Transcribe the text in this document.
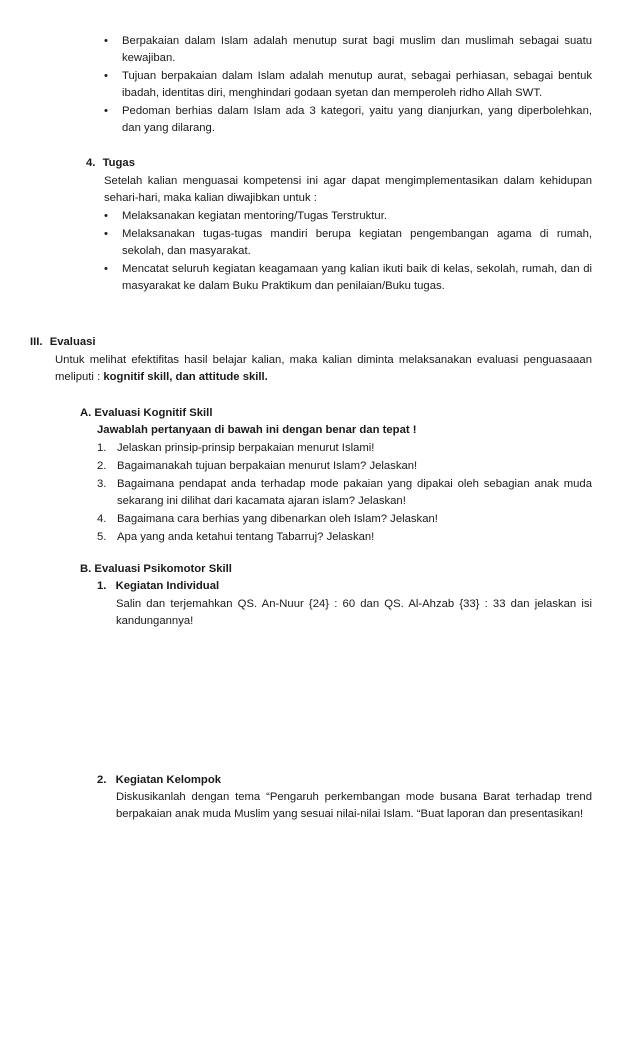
•	Berpakaian dalam Islam adalah menutup surat bagi muslim dan muslimah sebagai suatu kewajiban.
•	Tujuan berpakaian dalam Islam adalah menutup aurat, sebagai perhiasan, sebagai bentuk ibadah, identitas diri, menghindari godaan syetan dan memperoleh ridho Allah SWT.
•	Pedoman berhias dalam Islam ada 3 kategori, yaitu yang dianjurkan, yang diperbolehkan, dan yang dilarang.
4. Tugas
Setelah kalian menguasai kompetensi ini agar dapat mengimplementasikan dalam kehidupan sehari-hari, maka kalian diwajibkan untuk :
•	Melaksanakan kegiatan mentoring/Tugas Terstruktur.
•	Melaksanakan tugas-tugas mandiri berupa kegiatan pengembangan agama di rumah, sekolah, dan masyarakat.
•	Mencatat seluruh kegiatan keagamaan yang kalian ikuti baik di kelas, sekolah, rumah, dan di masyarakat ke dalam Buku Praktikum dan penilaian/Buku tugas.
III. Evaluasi
Untuk melihat efektifitas hasil belajar kalian, maka kalian diminta melaksanakan evaluasi penguasaaan meliputi : kognitif skill, dan attitude skill.
A. Evaluasi Kognitif Skill
Jawablah pertanyaan di bawah ini dengan benar dan tepat !
1. Jelaskan prinsip-prinsip berpakaian menurut Islami!
2. Bagaimanakah tujuan berpakaian menurut Islam? Jelaskan!
3. Bagaimana pendapat anda terhadap mode pakaian yang dipakai oleh sebagian anak muda sekarang ini dilihat dari kacamata ajaran islam? Jelaskan!
4. Bagaimana cara berhias yang dibenarkan oleh Islam? Jelaskan!
5. Apa yang anda ketahui tentang Tabarruj? Jelaskan!
B. Evaluasi Psikomotor Skill
1. Kegiatan Individual
Salin dan terjemahkan QS. An-Nuur {24} : 60 dan QS. Al-Ahzab {33} : 33 dan jelaskan isi kandungannya!
2. Kegiatan Kelompok
Diskusikanlah dengan tema “Pengaruh perkembangan mode busana Barat terhadap trend berpakaian anak muda Muslim yang sesuai nilai-nilai Islam. “Buat laporan dan presentasikan!
